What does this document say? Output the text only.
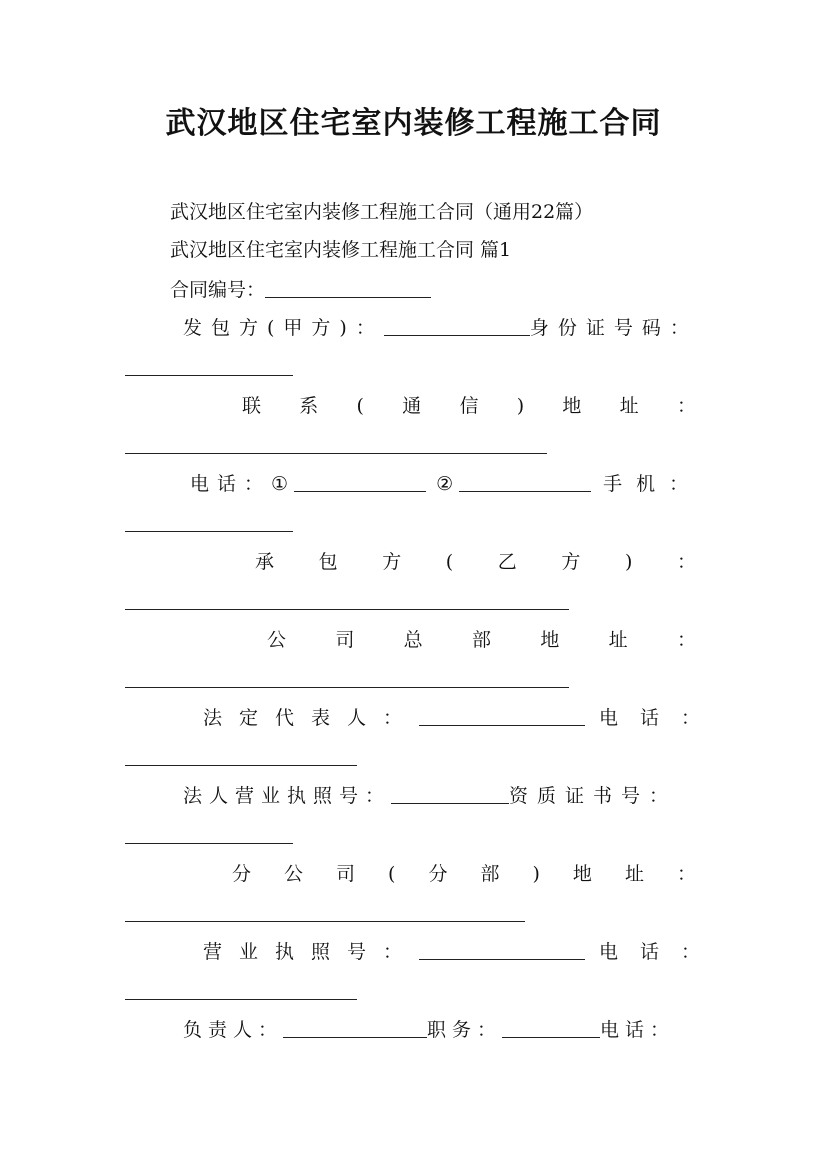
武汉地区住宅室内装修工程施工合同
武汉地区住宅室内装修工程施工合同（通用22篇）
武汉地区住宅室内装修工程施工合同 篇1
合同编号：
发包方(甲方)：	身份证号码：
联 系 ( 通 信 ) 地 址 ：
电话：①	②	手机：
承 包 方 ( 乙 方 ) ：
公	司	总	部	地	址	：
法定代表人：	电话：
法人营业执照号：	资质证书号：
分 公 司 ( 分 部 ) 地 址 ：
营业执照号：	电话：
负责人：	职务：	电话：
